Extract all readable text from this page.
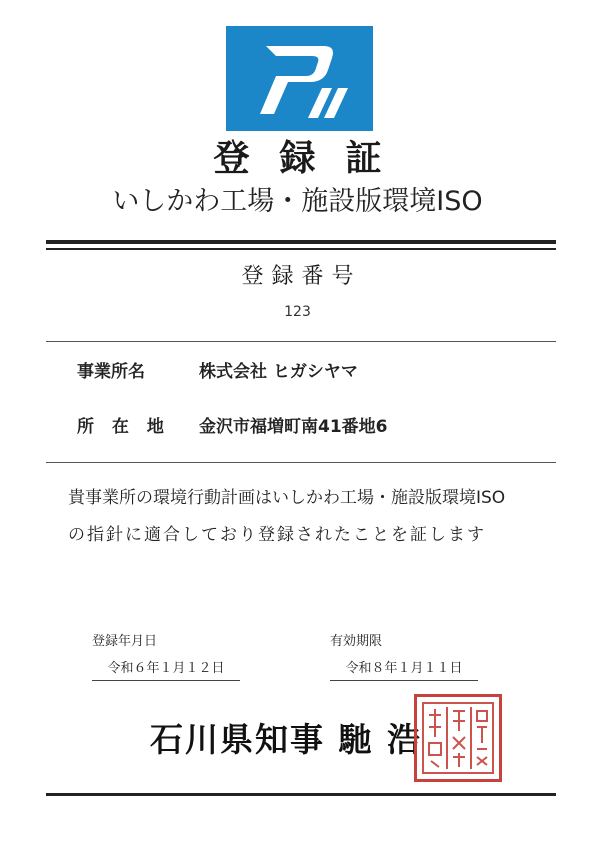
登録証
いしかわ工場・施設版環境ISO
登録番号
123
事業所名	株式会社 ヒガシヤマ
所 在 地 金沢市福増町南41番地6
貴事業所の環境行動計画はいしかわ工場・施設版環境ISO
の指針に適合しており登録されたことを証します
登録年月日
令和６年１月１２日
有効期限
令和８年１月１１日
石川県知事 馳 浩
